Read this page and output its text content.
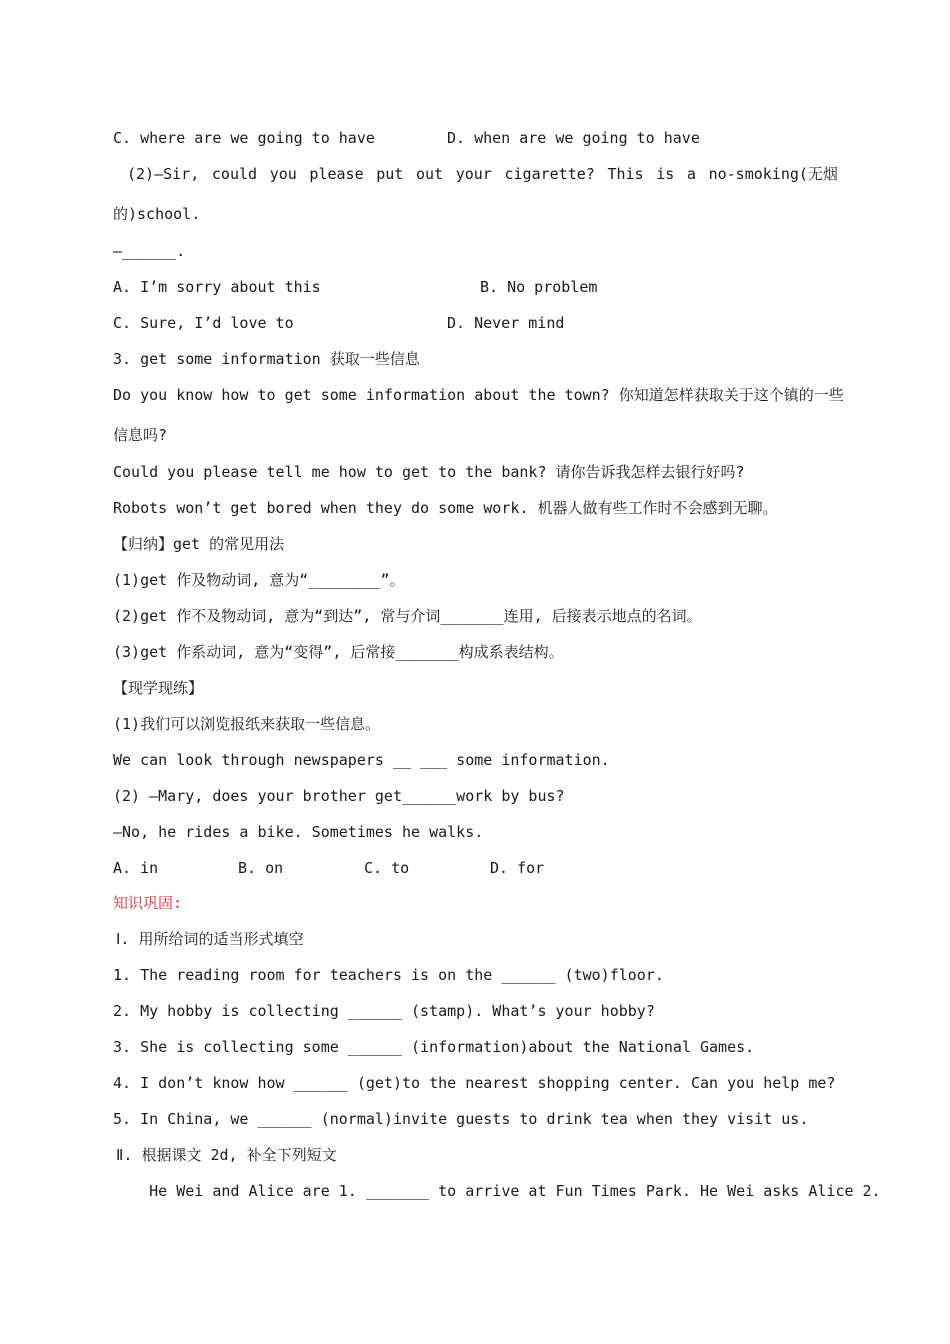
C. where are we going to have	D. when are we going to have
(2)—Sir, could you please put out your cigarette? This is a no-smoking(无烟
的)school.
—______.
A. I’m sorry about this	B. No problem
C. Sure, I’d love to	D. Never mind
3. get some information 获取一些信息
Do you know how to get some information about the town? 你知道怎样获取关于这个镇的一些
信息吗?
Could you please tell me how to get to the bank? 请你告诉我怎样去银行好吗?
Robots won’t get bored when they do some work. 机器人做有些工作时不会感到无聊。
【归纳】get 的常见用法
(1)get 作及物动词, 意为“________”。
(2)get 作不及物动词, 意为“到达”, 常与介词_______连用, 后接表示地点的名词。
(3)get 作系动词, 意为“变得”, 后常接_______构成系表结构。
【现学现练】
(1)我们可以浏览报纸来获取一些信息。
We can look through newspapers __ ___ some information.
(2) —Mary, does your brother get______work by bus?
—No, he rides a bike. Sometimes he walks.
A. in	B. on	C. to	D. for
知识巩固:
Ⅰ. 用所给词的适当形式填空
1. The reading room for teachers is on the ______ (two)floor.
2. My hobby is collecting ______ (stamp). What’s your hobby?
3. She is collecting some ______ (information)about the National Games.
4. I don’t know how ______ (get)to the nearest shopping center. Can you help me?
5. In China, we ______ (normal)invite guests to drink tea when they visit us.
Ⅱ. 根据课文 2d, 补全下列短文
He Wei and Alice are 1. _______ to arrive at Fun Times Park. He Wei asks Alice 2.
